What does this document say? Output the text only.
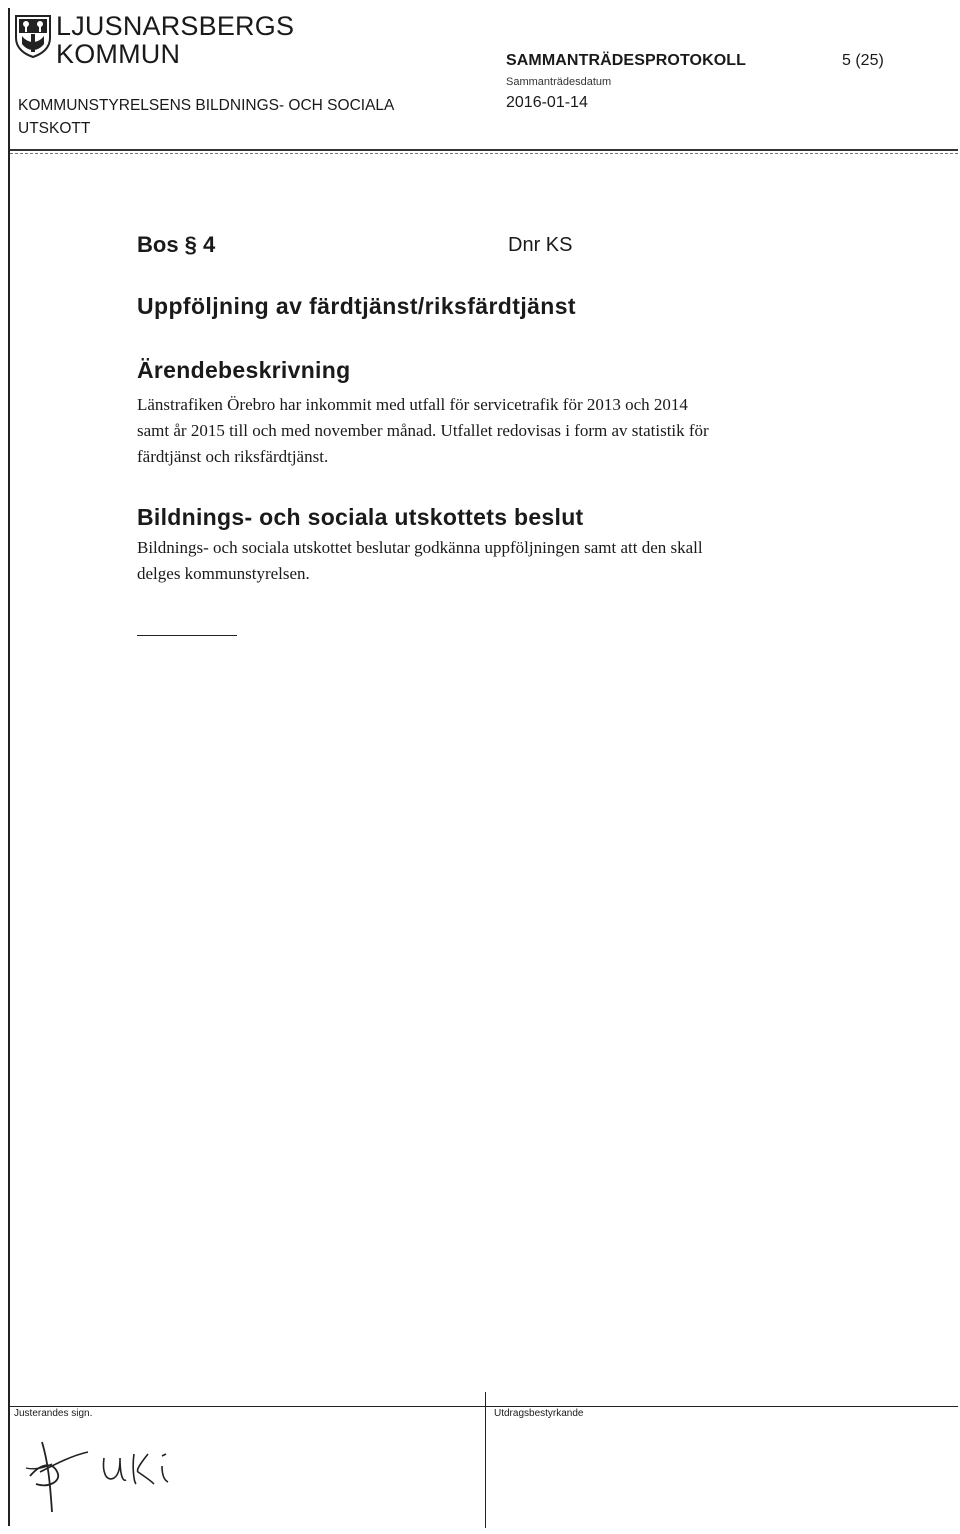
LJUSNARSBERGS
KOMMUN
KOMMUNSTYRELSENS BILDNINGS- OCH SOCIALA
UTSKOTT
SAMMANTRÄDESPROTOKOLL
Sammanträdesdatum
2016-01-14
5 (25)
Bos § 4	Dnr KS
Uppföljning av färdtjänst/riksfärdtjänst
Ärendebeskrivning
Länstrafiken Örebro har inkommit med utfall för servicetrafik för 2013 och 2014
samt år 2015 till och med november månad. Utfallet redovisas i form av statistik för
färdtjänst och riksfärdtjänst.
Bildnings- och sociala utskottets beslut
Bildnings- och sociala utskottet beslutar godkänna uppföljningen samt att den skall
delges kommunstyrelsen.
Justerandes sign.	Utdragsbestyrkande
